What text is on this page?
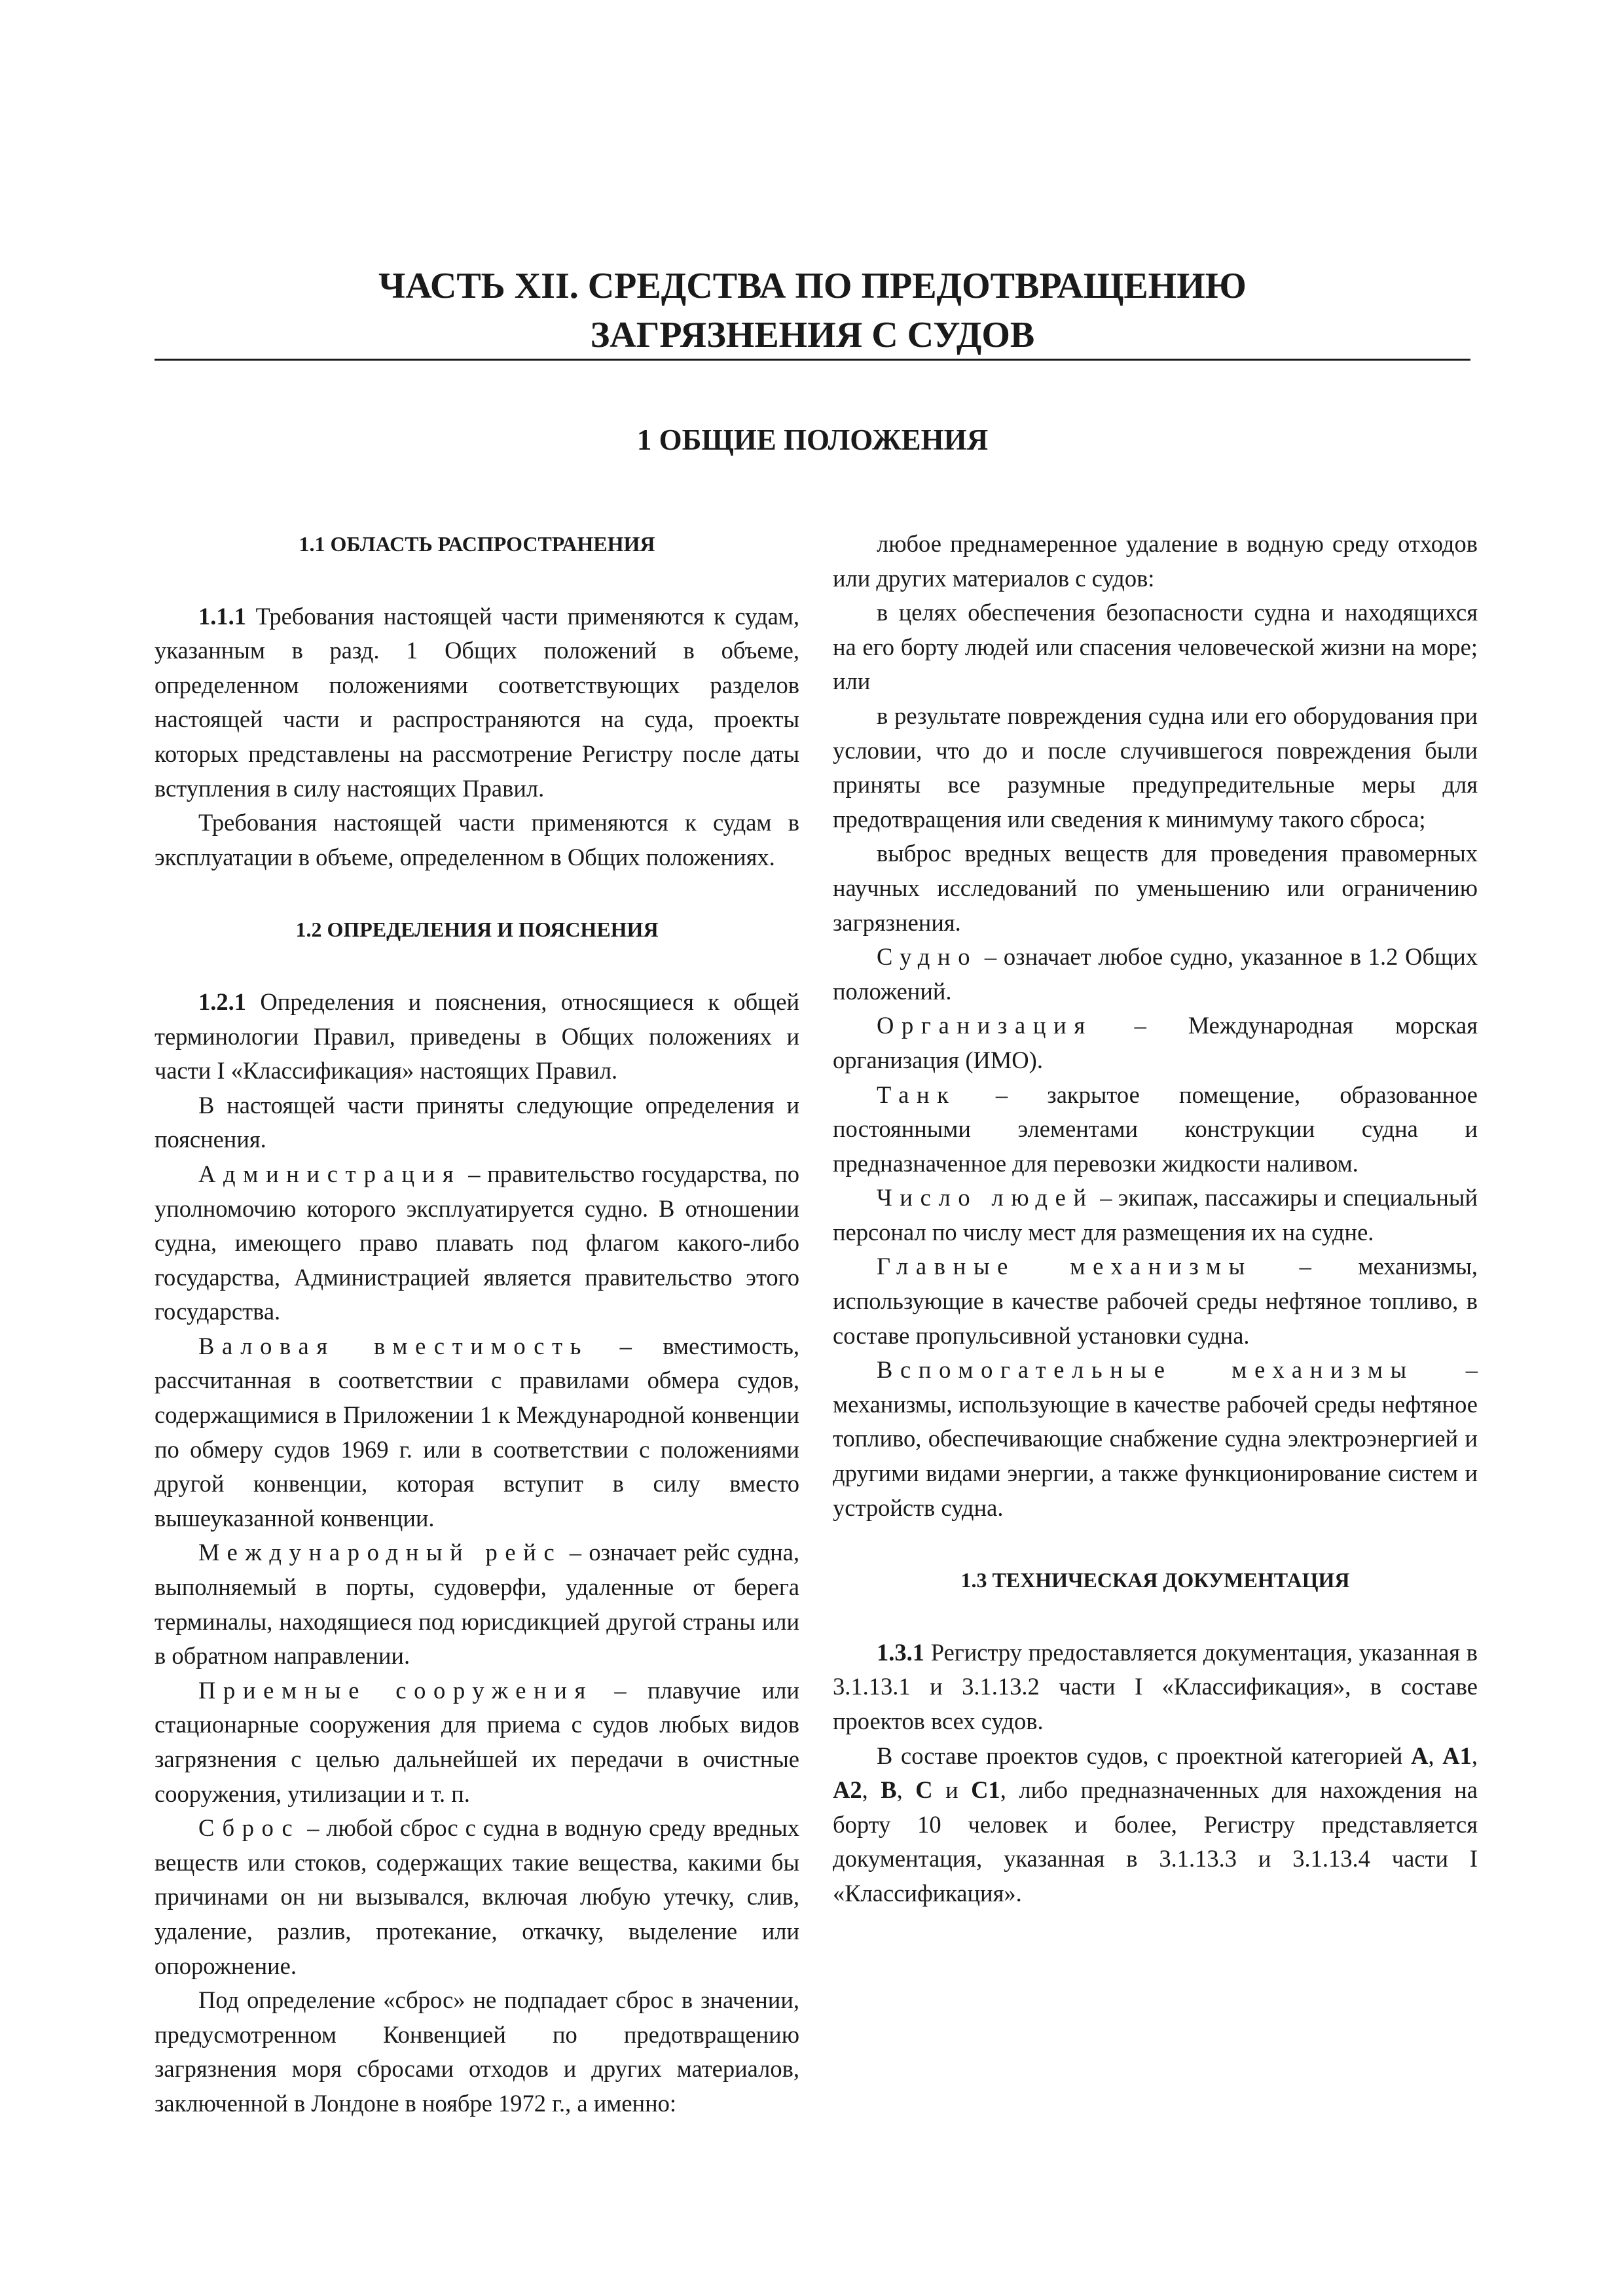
ЧАСТЬ XII. СРЕДСТВА ПО ПРЕДОТВРАЩЕНИЮ
ЗАГРЯЗНЕНИЯ С СУДОВ
1 ОБЩИЕ ПОЛОЖЕНИЯ
1.1 ОБЛАСТЬ РАСПРОСТРАНЕНИЯ

1.1.1 Требования настоящей части применяются к судам, указанным в разд. 1 Общих положений в объеме, определенном положениями соответствующих разделов настоящей части и распространяются на суда, проекты которых представлены на рассмотрение Регистру после даты вступления в силу настоящих Правил.

Требования настоящей части применяются к судам в эксплуатации в объеме, определенном в Общих положениях.

1.2 ОПРЕДЕЛЕНИЯ И ПОЯСНЕНИЯ

1.2.1 Определения и пояснения, относящиеся к общей терминологии Правил, приведены в Общих положениях и части I «Классификация» настоящих Правил.

В настоящей части приняты следующие определения и пояснения.

Администрация – правительство государства, по уполномочию которого эксплуатируется судно. В отношении судна, имеющего право плавать под флагом какого-либо государства, Администрацией является правительство этого государства.

Валовая вместимость – вместимость, рассчитанная в соответствии с правилами обмера судов, содержащимися в Приложении 1 к Международной конвенции по обмеру судов 1969 г. или в соответствии с положениями другой конвенции, которая вступит в силу вместо вышеуказанной конвенции.

Международный рейс – означает рейс судна, выполняемый в порты, судоверфи, удаленные от берега терминалы, находящиеся под юрисдикцией другой страны или в обратном направлении.

Приемные сооружения – плавучие или стационарные сооружения для приема с судов любых видов загрязнения с целью дальнейшей их передачи в очистные сооружения, утилизации и т. п.

Сброс – любой сброс с судна в водную среду вредных веществ или стоков, содержащих такие вещества, какими бы причинами он ни вызывался, включая любую утечку, слив, удаление, разлив, протекание, откачку, выделение или опорожнение.

Под определение «сброс» не подпадает сброс в значении, предусмотренном Конвенцией по предотвращению загрязнения моря сбросами отходов и других материалов, заключенной в Лондоне в ноябре 1972 г., а именно:

любое преднамеренное удаление в водную среду отходов или других материалов с судов:

в целях обеспечения безопасности судна и находящихся на его борту людей или спасения человеческой жизни на море; или

в результате повреждения судна или его оборудования при условии, что до и после случившегося повреждения были приняты все разумные предупредительные меры для предотвращения или сведения к минимуму такого сброса;

выброс вредных веществ для проведения правомерных научных исследований по уменьшению или ограничению загрязнения.

Судно – означает любое судно, указанное в 1.2 Общих положений.

Организация – Международная морская организация (ИМО).

Танк – закрытое помещение, образованное постоянными элементами конструкции судна и предназначенное для перевозки жидкости наливом.

Число людей – экипаж, пассажиры и специальный персонал по числу мест для размещения их на судне.

Главные механизмы – механизмы, использующие в качестве рабочей среды нефтяное топливо, в составе пропульсивной установки судна.

Вспомогательные механизмы – механизмы, использующие в качестве рабочей среды нефтяное топливо, обеспечивающие снабжение судна электроэнергией и другими видами энергии, а также функционирование систем и устройств судна.

1.3 ТЕХНИЧЕСКАЯ ДОКУМЕНТАЦИЯ

1.3.1 Регистру предоставляется документация, указанная в 3.1.13.1 и 3.1.13.2 части I «Классификация», в составе проектов всех судов.

В составе проектов судов, с проектной категорией A, A1, A2, B, C и C1, либо предназначенных для нахождения на борту 10 человек и более, Регистру представляется документация, указанная в 3.1.13.3 и 3.1.13.4 части I «Классификация».
